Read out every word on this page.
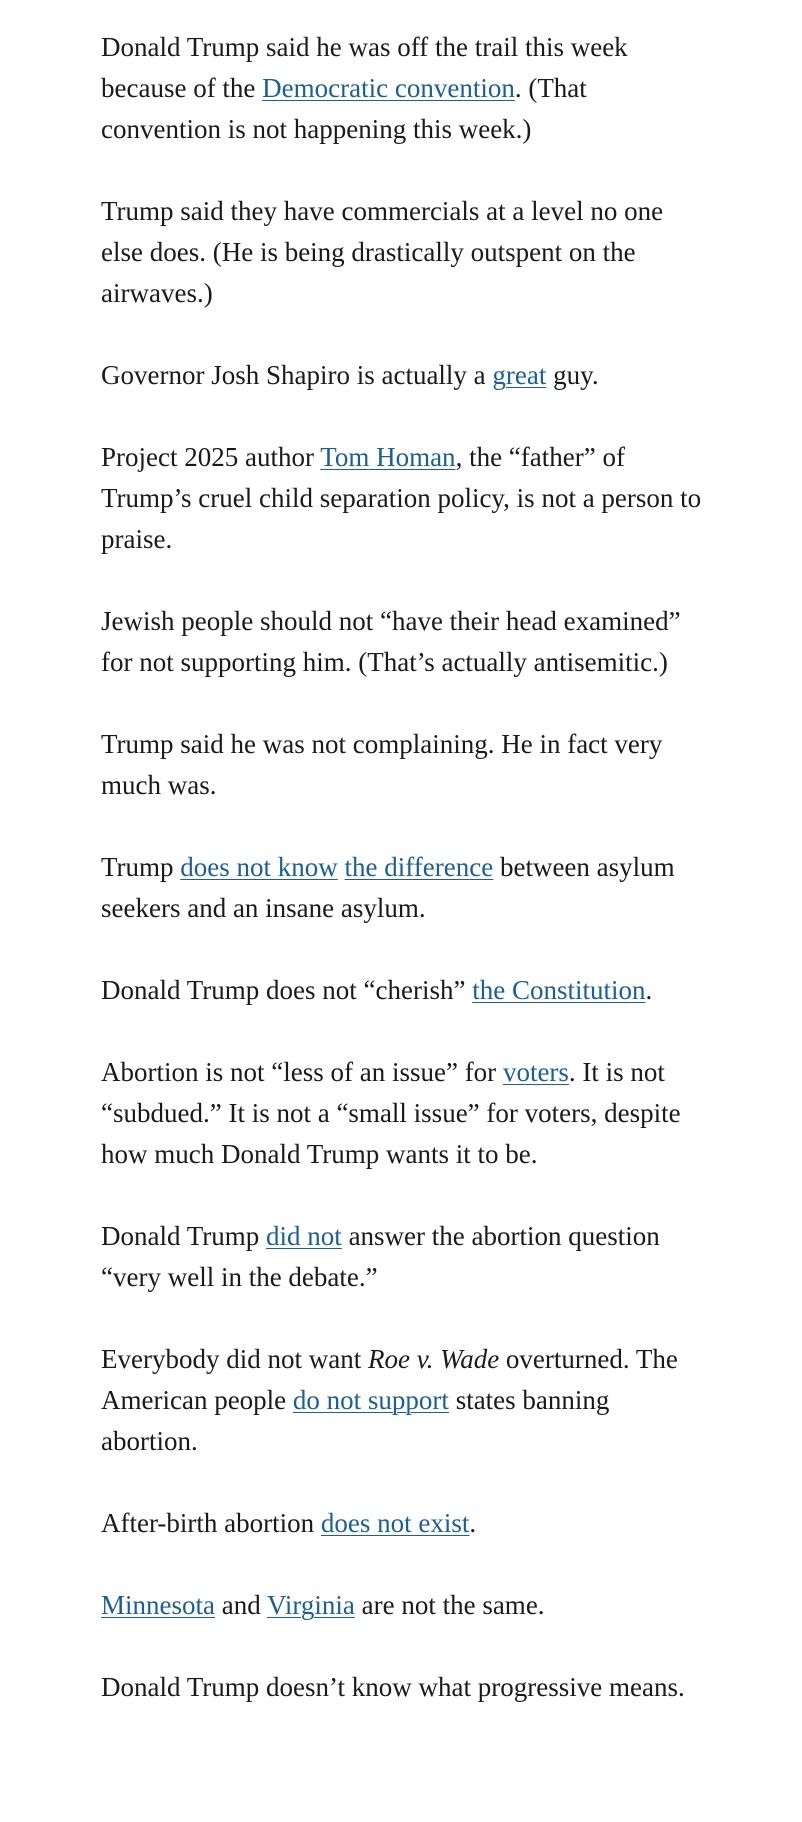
Donald Trump said he was off the trail this week because of the Democratic convention. (That convention is not happening this week.)

Trump said they have commercials at a level no one else does. (He is being drastically outspent on the airwaves.)

Governor Josh Shapiro is actually a great guy.

Project 2025 author Tom Homan, the “father” of Trump’s cruel child separation policy, is not a person to praise.

Jewish people should not “have their head examined” for not supporting him. (That’s actually antisemitic.)

Trump said he was not complaining. He in fact very much was.

Trump does not know the difference between asylum seekers and an insane asylum.

Donald Trump does not “cherish” the Constitution.

Abortion is not “less of an issue” for voters. It is not “subdued.” It is not a “small issue” for voters, despite how much Donald Trump wants it to be.

Donald Trump did not answer the abortion question “very well in the debate.”

Everybody did not want Roe v. Wade overturned. The American people do not support states banning abortion.

After-birth abortion does not exist.

Minnesota and Virginia are not the same.

Donald Trump doesn’t know what progressive means.
